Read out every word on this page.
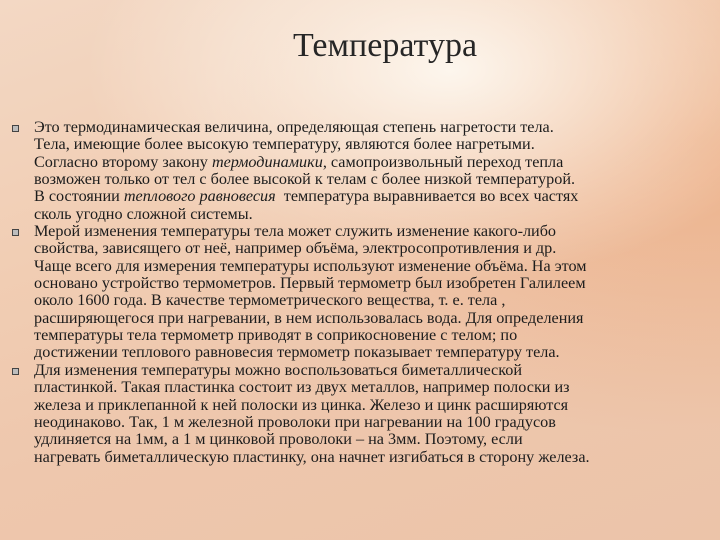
Температура
Это термодинамическая величина, определяющая степень нагретости тела.
Тела, имеющие более высокую температуру, являются более нагретыми.
Согласно второму закону термодинамики, самопроизвольный переход тепла
возможен только от тел с более высокой к телам с более низкой температурой.
В состоянии теплового равновесия  температура выравнивается во всех частях
сколь угодно сложной системы.
Мерой изменения температуры тела может служить изменение какого-либо
свойства, зависящего от неё, например объёма, электросопротивления и др.
Чаще всего для измерения температуры используют изменение объёма. На этом
основано устройство термометров. Первый термометр был изобретен Галилеем
около 1600 года. В качестве термометрического вещества, т. е. тела ,
расширяющегося при нагревании, в нем использовалась вода. Для определения
температуры тела термометр приводят в соприкосновение с телом; по
достижении теплового равновесия термометр показывает температуру тела.
Для изменения температуры можно воспользоваться биметаллической
пластинкой. Такая пластинка состоит из двух металлов, например полоски из
железа и приклепанной к ней полоски из цинка. Железо и цинк расширяются
неодинаково. Так, 1 м железной проволоки при нагревании на 100 градусов
удлиняется на 1мм, а 1 м цинковой проволоки – на 3мм. Поэтому, если
нагревать биметаллическую пластинку, она начнет изгибаться в сторону железа.
